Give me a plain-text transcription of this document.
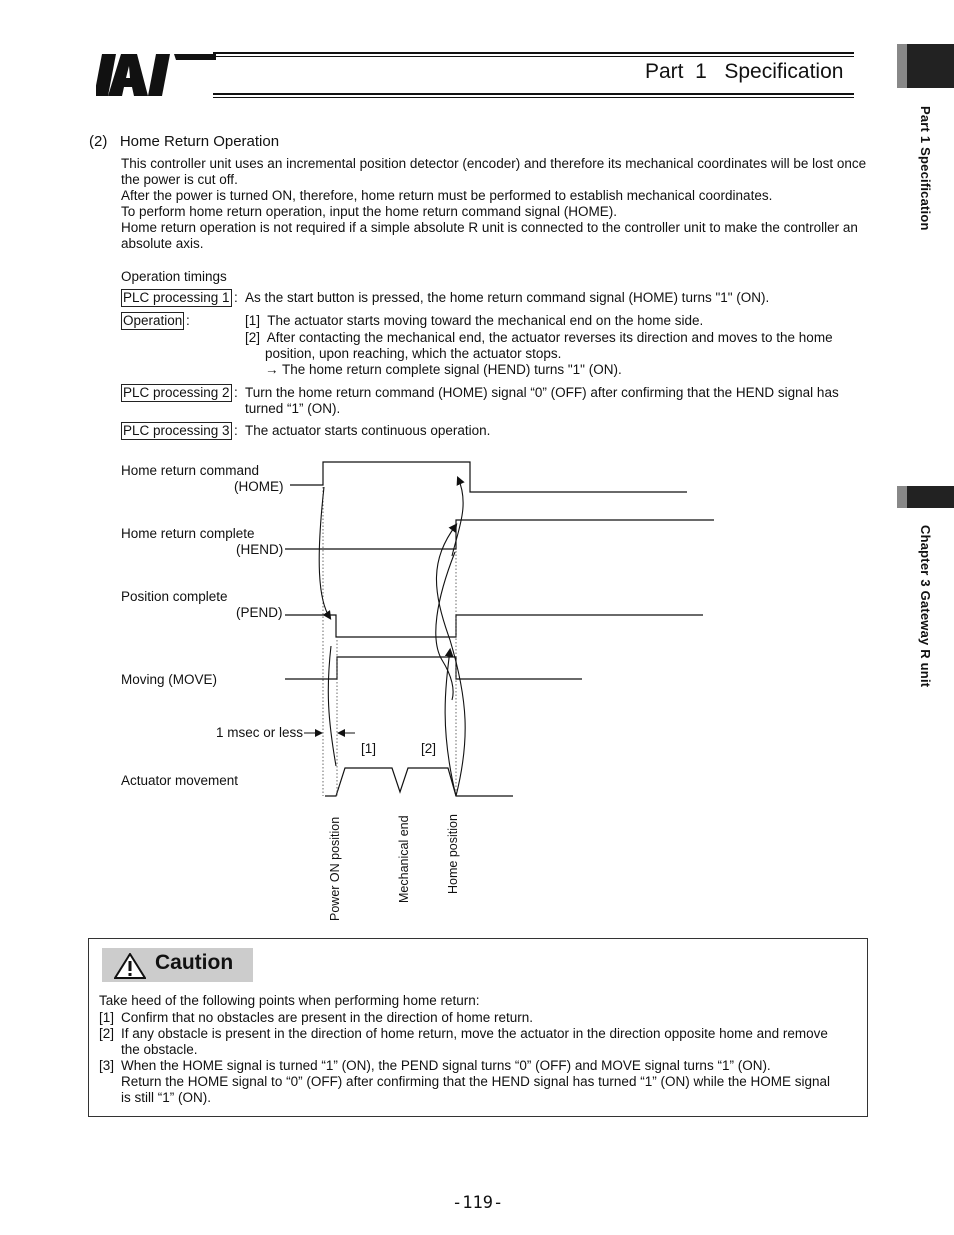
Part  1   Specification
Part 1 Specification
Chapter 3 Gateway R unit
(2)   Home Return Operation
This controller unit uses an incremental position detector (encoder) and therefore its mechanical coordinates will be lost once the power is cut off.
After the power is turned ON, therefore, home return must be performed to establish mechanical coordinates.
To perform home return operation, input the home return command signal (HOME).
Home return operation is not required if a simple absolute R unit is connected to the controller unit to make the controller an absolute axis.
Operation timings
PLC processing 1 : As the start button is pressed, the home return command signal (HOME) turns "1" (ON).
Operation :	[1]  The actuator starts moving toward the mechanical end on the home side.
[2]  After contacting the mechanical end, the actuator reverses its direction and moves to the home
position, upon reaching, which the actuator stops.
→ The home return complete signal (HEND) turns "1" (ON).
PLC processing 2 : Turn the home return command (HOME) signal “0” (OFF) after confirming that the HEND signal has
turned “1” (ON).
PLC processing 3 : The actuator starts continuous operation.
Home return command
(HOME)
Home return complete
(HEND)
Position complete
(PEND)
Moving (MOVE)
1 msec or less
[1]	[2]
Actuator movement
Power ON position	Mechanical end	Home position
Caution
Take heed of the following points when performing home return:
[1] Confirm that no obstacles are present in the direction of home return.
[2] If any obstacle is present in the direction of home return, move the actuator in the direction opposite home and remove
the obstacle.
[3] When the HOME signal is turned “1” (ON), the PEND signal turns “0” (OFF) and MOVE signal turns “1” (ON).
Return the HOME signal to “0” (OFF) after confirming that the HEND signal has turned “1” (ON) while the HOME signal
is still “1” (ON).
-119-
